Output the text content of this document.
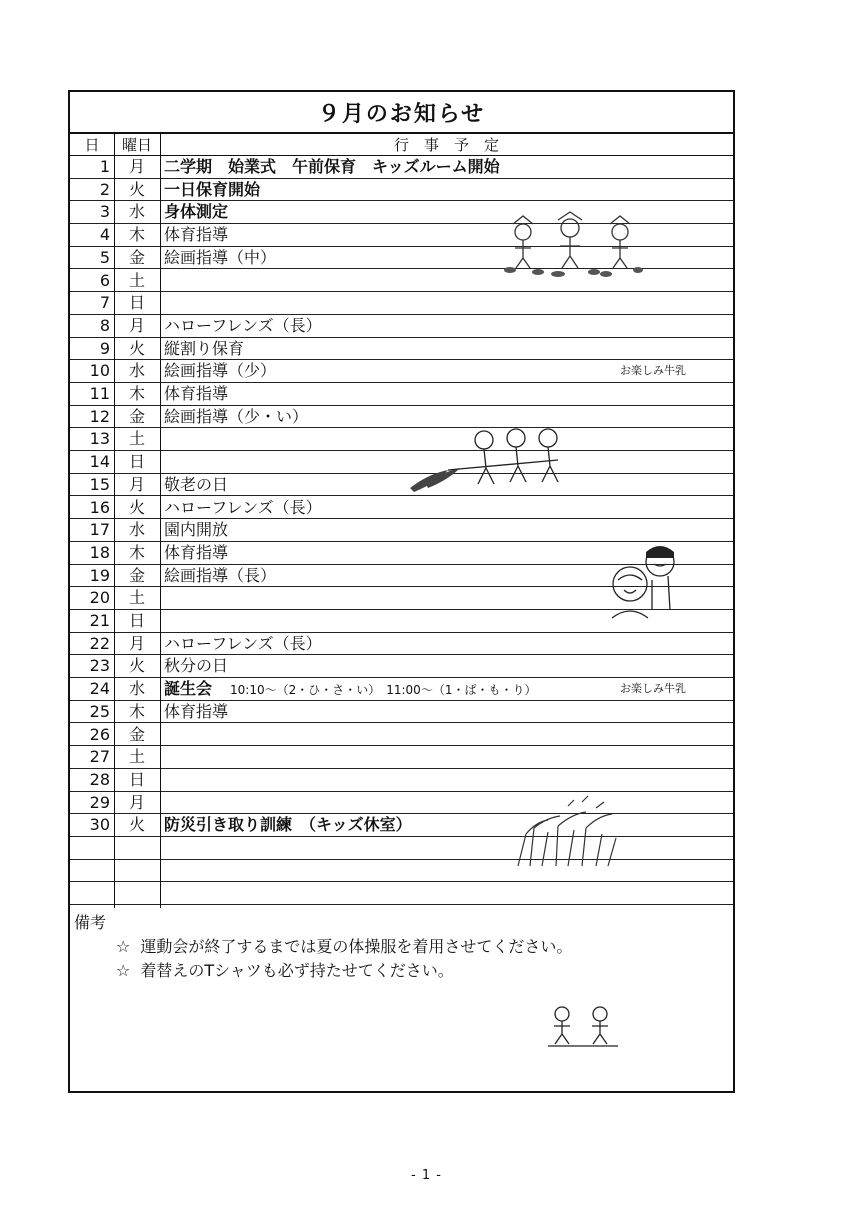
９月のお知らせ
日	曜日	行　事　予　定
1	月	二学期　始業式　午前保育　キッズルーム開始
2	火	一日保育開始
3	水	身体測定
4	木	体育指導
5	金	絵画指導（中）
6	土
7	日
8	月	ハローフレンズ（長）
9	火	縦割り保育
10	水	絵画指導（少）	お楽しみ牛乳
11	木	体育指導
12	金	絵画指導（少・い）
13	土
14	日
15	月	敬老の日
16	火	ハローフレンズ（長）
17	水	園内開放
18	木	体育指導
19	金	絵画指導（長）
20	土
21	日
22	月	ハローフレンズ（長）
23	火	秋分の日
24	水	誕生会 10:10～（2・ひ・さ・い）　11:00～（1・ぱ・も・り）	お楽しみ牛乳
25	木	体育指導
26	金
27	土
28	日
29	月
30	火	防災引き取り訓練　（キッズ休室）
備考
☆ 運動会が終了するまでは夏の体操服を着用させてください。
☆ 着替えのTシャツも必ず持たせてください。
- 1 -
